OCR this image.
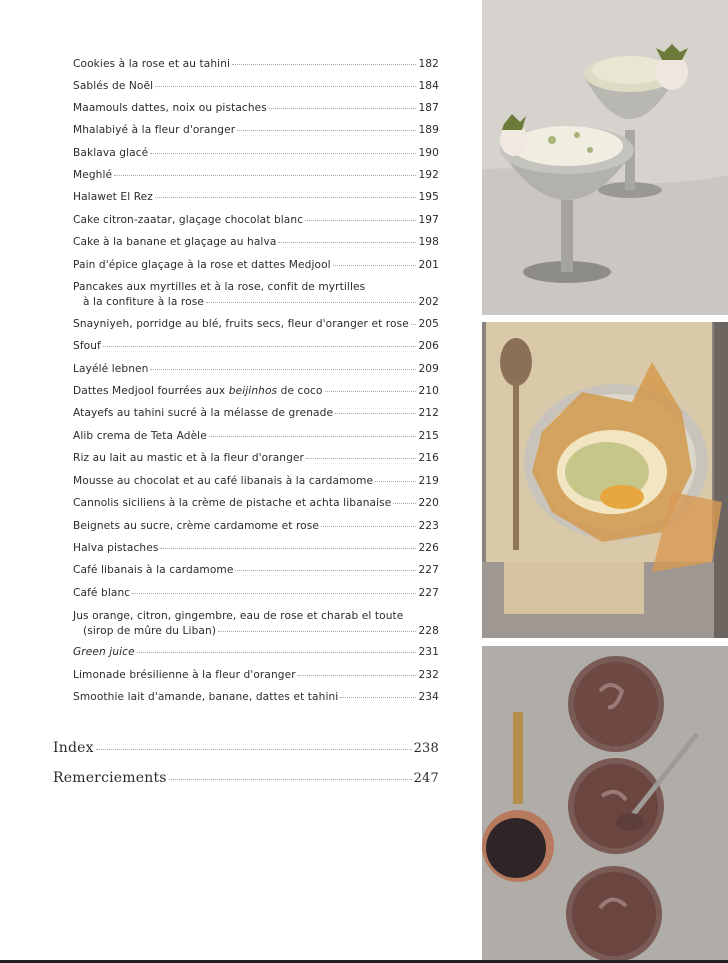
Cookies à la rose et au tahini	182
Sablés de Noël	184
Maamouls dattes, noix ou pistaches	187
Mhalabiyé à la fleur d'oranger	189
Baklava glacé	190
Meghlé	192
Halawet El Rez	195
Cake citron-zaatar, glaçage chocolat blanc	197
Cake à la banane et glaçage au halva	198
Pain d'épice glaçage à la rose et dattes Medjool	201
Pancakes aux myrtilles et à la rose, confit de myrtilles
à la confiture à la rose	202
Snayniyeh, porridge au blé, fruits secs, fleur d'oranger et rose 205
Sfouf	206
Layélé lebnen	209
Dattes Medjool fourrées aux beijinhos de coco	210
Atayefs au tahini sucré à la mélasse de grenade	212
Alib crema de Teta Adèle	215
Riz au lait au mastic et à la fleur d'oranger	216
Mousse au chocolat et au café libanais à la cardamome	219
Cannolis siciliens à la crème de pistache et achta libanaise	220
Beignets au sucre, crème cardamome et rose	223
Halva pistaches	226
Café libanais à la cardamome	227
Café blanc	227
Jus orange, citron, gingembre, eau de rose et charab el toute
(sirop de mûre du Liban)	228
Green juice	231
Limonade brésilienne à la fleur d'oranger	232
Smoothie lait d'amande, banane, dattes et tahini	234
Index	238
Remerciements	247
